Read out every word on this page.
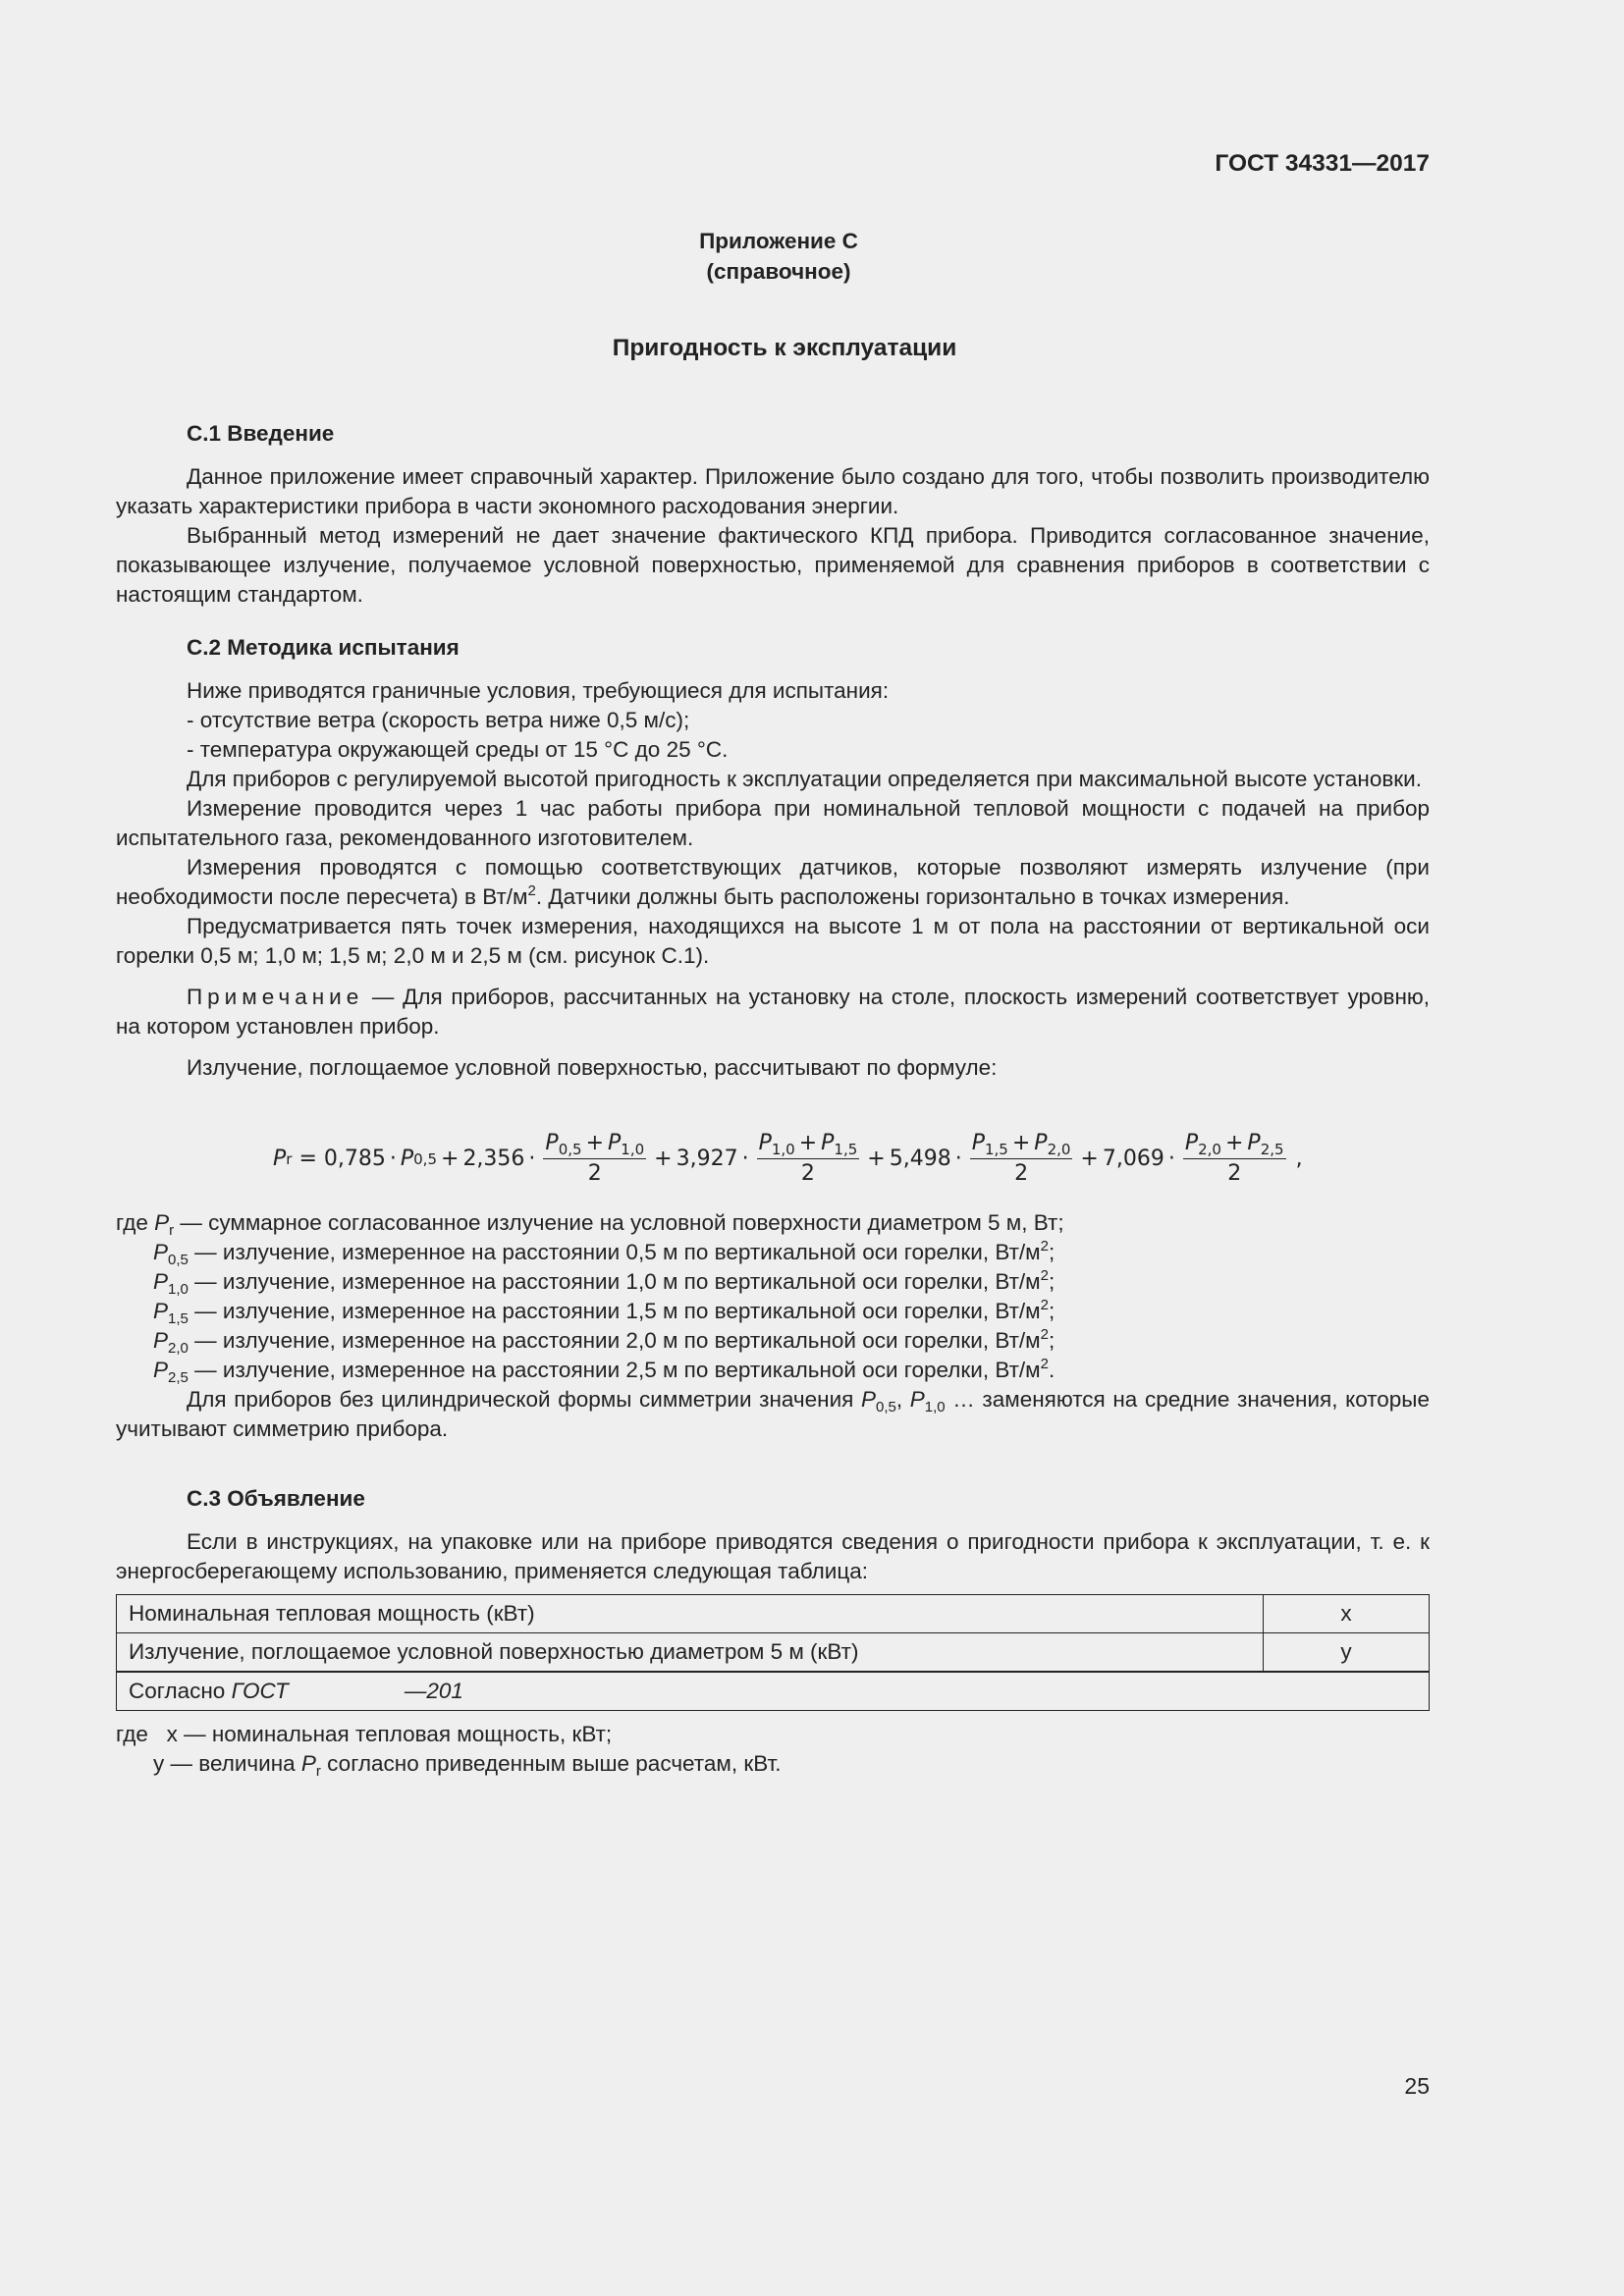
ГОСТ 34331—2017
Приложение С
(справочное)
Пригодность к эксплуатации
С.1 Введение

Данное приложение имеет справочный характер. Приложение было создано для того, чтобы позволить производителю указать характеристики прибора в части экономного расходования энергии.

Выбранный метод измерений не дает значение фактического КПД прибора. Приводится согласованное значение, показывающее излучение, получаемое условной поверхностью, применяемой для сравнения приборов в соответствии с настоящим стандартом.

С.2 Методика испытания

Ниже приводятся граничные условия, требующиеся для испытания:

- отсутствие ветра (скорость ветра ниже 0,5 м/с);

- температура окружающей среды от 15 °С до 25 °С.

Для приборов с регулируемой высотой пригодность к эксплуатации определяется при максимальной высоте установки.

Измерение проводится через 1 час работы прибора при номинальной тепловой мощности с подачей на прибор испытательного газа, рекомендованного изготовителем.

Измерения проводятся с помощью соответствующих датчиков, которые позволяют измерять излучение (при необходимости после пересчета) в $Вт/м^2$. Датчики должны быть расположены горизонтально в точках измерения.

Предусматривается пять точек измерения, находящихся на высоте 1 м от пола на расстоянии от вертикальной оси горелки 0,5 м; 1,0 м; 1,5 м; 2,0 м и 2,5 м (см. рисунок С.1).

Примечание — Для приборов, рассчитанных на установку на столе, плоскость измерений соответствует уровню, на котором установлен прибор.

Излучение, поглощаемое условной поверхностью, рассчитывают по формуле:

P r = 0,785 · P $0,5 + 2,356 \cdot \frac{P_{0,5} + P_{1,0}}{2} + 3,927 \cdot \frac{P_{1,0} + P_{1,5}}{2} + 5,498 \cdot \frac{P_{1,5} + P_{2,0}}{2} + 7,069 \cdot \frac{P_{2,0} + P_{2,5}}{2}$ ,

где $P_r$ — суммарное согласованное излучение на условной поверхности диаметром 5 м, Вт;

$P_{0,5}$ — излучение, измеренное на расстоянии 0,5 м по вертикальной оси горелки, $Вт/м^2$;
$P_{1,0}$ — излучение, измеренное на расстоянии 1,0 м по вертикальной оси горелки, $Вт/м^2$;
$P_{1,5}$ — излучение, измеренное на расстоянии 1,5 м по вертикальной оси горелки, $Вт/м^2$;
$P_{2,0}$ — излучение, измеренное на расстоянии 2,0 м по вертикальной оси горелки, $Вт/м^2$;
$P_{2,5}$ — излучение, измеренное на расстоянии 2,5 м по вертикальной оси горелки, $Вт/м^2$.

Для приборов без цилиндрической формы симметрии значения $P_{0,5}$, $P_{1,0}$ … заменяются на средние значения, которые учитывают симметрию прибора.

С.3 Объявление

Если в инструкциях, на упаковке или на приборе приводятся сведения о пригодности прибора к эксплуатации, т. е. к энергосберегающему использованию, применяется следующая таблица:

Номинальная тепловая мощность (кВт)	х
Излучение, поглощаемое условной поверхностью диаметром 5 м (кВт)	y
Согласно ГОСТ —201	
где   х — номинальная тепловая мощность, кВт;
у — величина $P_r$ согласно приведенным выше расчетам, кВт.
25
